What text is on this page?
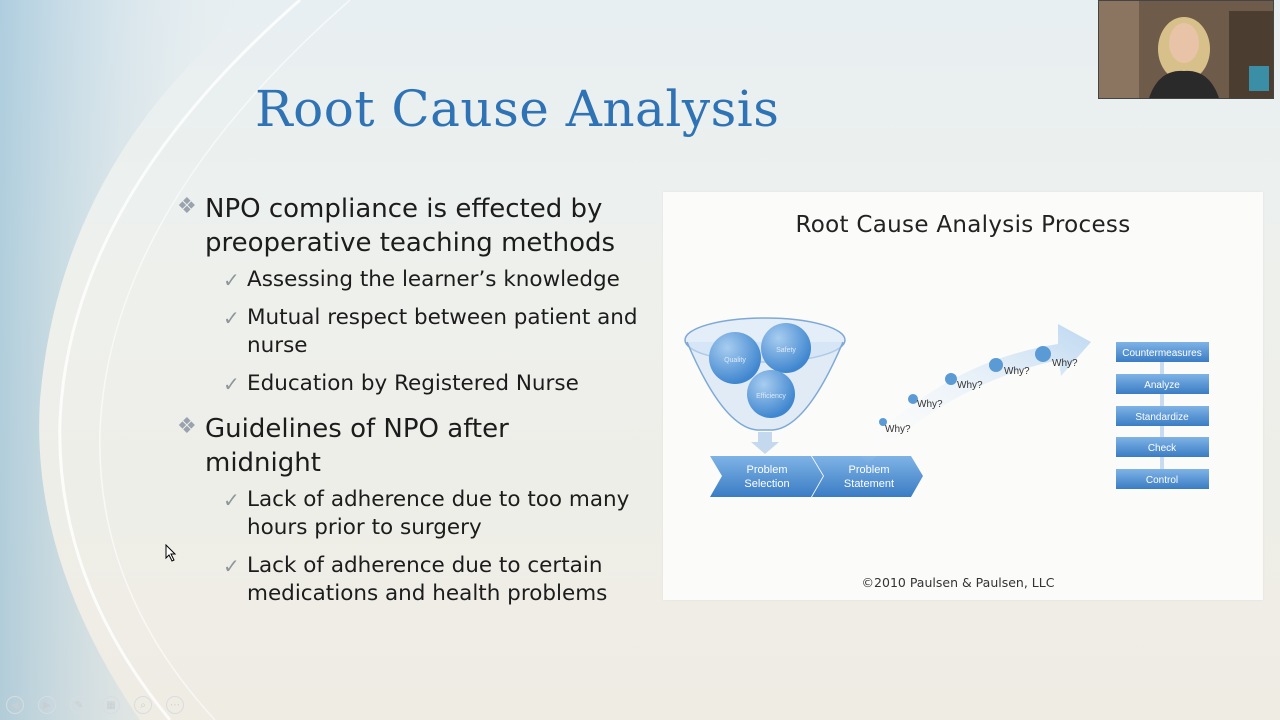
Root Cause Analysis
❖ NPO compliance is effected by preoperative teaching methods
✓ Assessing the learner’s knowledge
✓ Mutual respect between patient and nurse
✓ Education by Registered Nurse
❖ Guidelines of NPO after midnight
✓ Lack of adherence due to too many hours prior to surgery
✓ Lack of adherence due to certain medications and health problems
Root Cause Analysis Process
Quality
Safety
Efficiency
Problem
Selection
Problem
Statement
Why?
Why?
Why?
Why?
Why?
Countermeasures
Analyze
Standardize
Check
Control
©2010 Paulsen & Paulsen, LLC
◀	▶	✎	▦	⌕	⋯
